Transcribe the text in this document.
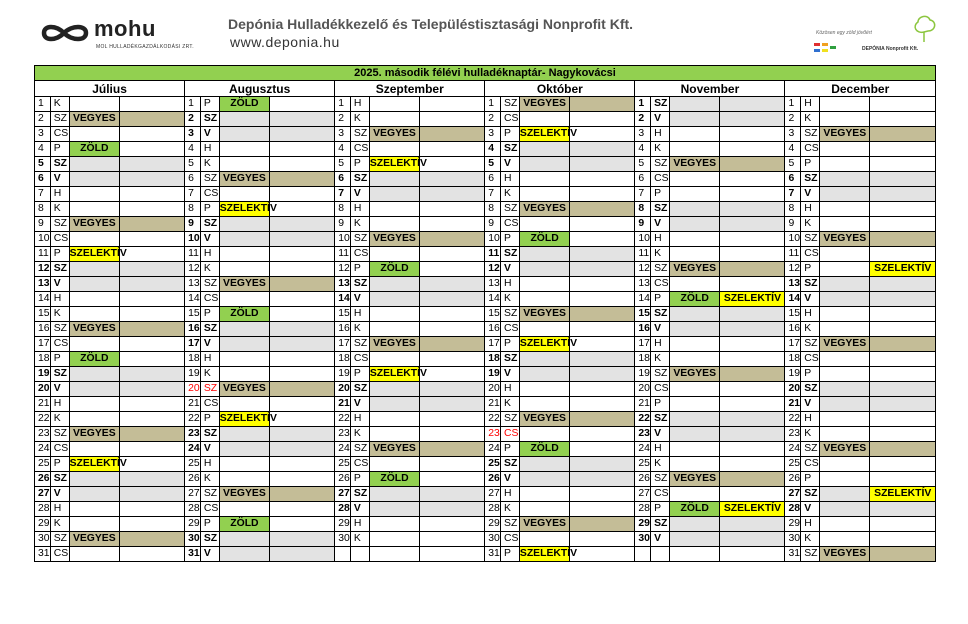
mohu
MOL HULLADÉKGAZDÁLKODÁSI ZRT.
Depónia Hulladékkezelő és Településtisztasági Nonprofit Kft.
www.deponia.hu
Közösen egy zöld jövőért
DEPÓNIA Nonprofit Kft.
2025. második félévi hulladéknaptár- Nagykovácsi																							
Július				Augusztus				Szeptember				Október				November				December			
1	K			1	P	ZÖLD		1	H			1	SZ	VEGYES		1	SZ			1	H		
2	SZ	VEGYES		2	SZ			2	K			2	CS			2	V			2	K		
3	CS			3	V			3	SZ	VEGYES		3	P	SZELEKTÍV		3	H			3	SZ	VEGYES	
4	P	ZÖLD		4	H			4	CS			4	SZ			4	K			4	CS		
5	SZ			5	K			5	P	SZELEKTÍV		5	V			5	SZ	VEGYES		5	P		
6	V			6	SZ	VEGYES		6	SZ			6	H			6	CS			6	SZ		
7	H			7	CS			7	V			7	K			7	P			7	V		
8	K			8	P	SZELEKTÍV		8	H			8	SZ	VEGYES		8	SZ			8	H		
9	SZ	VEGYES		9	SZ			9	K			9	CS			9	V			9	K		
10	CS			10	V			10	SZ	VEGYES		10	P	ZÖLD		10	H			10	SZ	VEGYES	
11	P	SZELEKTÍV		11	H			11	CS			11	SZ			11	K			11	CS		
12	SZ			12	K			12	P	ZÖLD		12	V			12	SZ	VEGYES		12	P		SZELEKTÍV
13	V			13	SZ	VEGYES		13	SZ			13	H			13	CS			13	SZ		
14	H			14	CS			14	V			14	K			14	P	ZÖLD	SZELEKTÍV	14	V		
15	K			15	P	ZÖLD		15	H			15	SZ	VEGYES		15	SZ			15	H		
16	SZ	VEGYES		16	SZ			16	K			16	CS			16	V			16	K		
17	CS			17	V			17	SZ	VEGYES		17	P	SZELEKTÍV		17	H			17	SZ	VEGYES	
18	P	ZÖLD		18	H			18	CS			18	SZ			18	K			18	CS		
19	SZ			19	K			19	P	SZELEKTÍV		19	V			19	SZ	VEGYES		19	P		
20	V			20	SZ	VEGYES		20	SZ			20	H			20	CS			20	SZ		
21	H			21	CS			21	V			21	K			21	P			21	V		
22	K			22	P	SZELEKTÍV		22	H			22	SZ	VEGYES		22	SZ			22	H		
23	SZ	VEGYES		23	SZ			23	K			23	CS			23	V			23	K		
24	CS			24	V			24	SZ	VEGYES		24	P	ZÖLD		24	H			24	SZ	VEGYES	
25	P	SZELEKTÍV		25	H			25	CS			25	SZ			25	K			25	CS		
26	SZ			26	K			26	P	ZÖLD		26	V			26	SZ	VEGYES		26	P		
27	V			27	SZ	VEGYES		27	SZ			27	H			27	CS			27	SZ		SZELEKTÍV
28	H			28	CS			28	V			28	K			28	P	ZÖLD	SZELEKTÍV	28	V		
29	K			29	P	ZÖLD		29	H			29	SZ	VEGYES		29	SZ			29	H		
30	SZ	VEGYES		30	SZ			30	K			30	CS			30	V			30	K		
31	CS			31	V							31	P	SZELEKTÍV						31	SZ	VEGYES	
